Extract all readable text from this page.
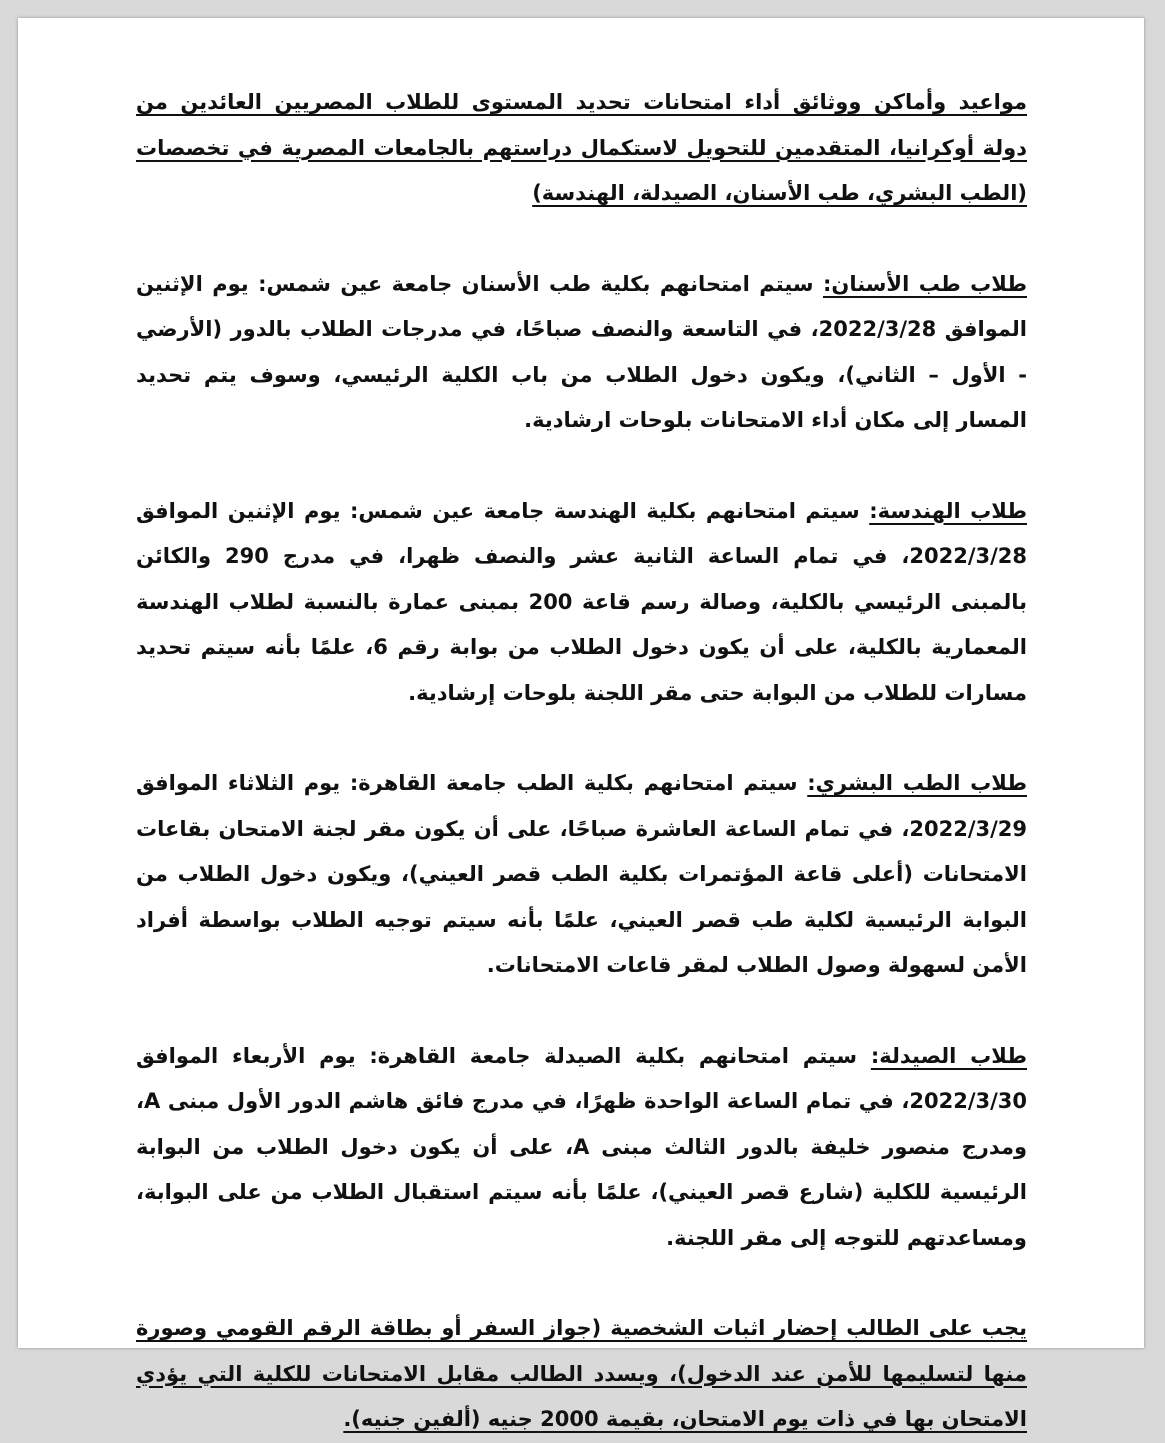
مواعيد وأماكن ووثائق أداء امتحانات تحديد المستوى للطلاب المصريين العائدين من دولة أوكرانيا، المتقدمين للتحويل لاستكمال دراستهم بالجامعات المصرية في تخصصات (الطب البشري، طب الأسنان، الصيدلة، الهندسة)

طلاب طب الأسنان: سيتم امتحانهم بكلية طب الأسنان جامعة عين شمس: يوم الإثنين الموافق 2022/3/28، في التاسعة والنصف صباحًا، في مدرجات الطلاب بالدور (الأرضي - الأول – الثاني)، ويكون دخول الطلاب من باب الكلية الرئيسي، وسوف يتم تحديد المسار إلى مكان أداء الامتحانات بلوحات ارشادية.

طلاب الهندسة: سيتم امتحانهم بكلية الهندسة جامعة عين شمس: يوم الإثنين الموافق 2022/3/28، في تمام الساعة الثانية عشر والنصف ظهرا، في مدرج 290 والكائن بالمبنى الرئيسي بالكلية، وصالة رسم قاعة 200 بمبنى عمارة بالنسبة لطلاب الهندسة المعمارية بالكلية، على أن يكون دخول الطلاب من بوابة رقم 6، علمًا بأنه سيتم تحديد مسارات للطلاب من البوابة حتى مقر اللجنة بلوحات إرشادية.

طلاب الطب البشري: سيتم امتحانهم بكلية الطب جامعة القاهرة: يوم الثلاثاء الموافق 2022/3/29، في تمام الساعة العاشرة صباحًا، على أن يكون مقر لجنة الامتحان بقاعات الامتحانات (أعلى قاعة المؤتمرات بكلية الطب قصر العيني)، ويكون دخول الطلاب من البوابة الرئيسية لكلية طب قصر العيني، علمًا بأنه سيتم توجيه الطلاب بواسطة أفراد الأمن لسهولة وصول الطلاب لمقر قاعات الامتحانات.

طلاب الصيدلة: سيتم امتحانهم بكلية الصيدلة جامعة القاهرة: يوم الأربعاء الموافق 2022/3/30، في تمام الساعة الواحدة ظهرًا، في مدرج فائق هاشم الدور الأول مبنى A، ومدرج منصور خليفة بالدور الثالث مبنى A، على أن يكون دخول الطلاب من البوابة الرئيسية للكلية (شارع قصر العيني)، علمًا بأنه سيتم استقبال الطلاب من على البوابة، ومساعدتهم للتوجه إلى مقر اللجنة.

يجب على الطالب إحضار اثبات الشخصية (جواز السفر أو بطاقة الرقم القومي وصورة منها لتسليمها للأمن عند الدخول)، ويسدد الطالب مقابل الامتحانات للكلية التي يؤدي الامتحان بها في ذات يوم الامتحان، بقيمة 2000 جنيه (ألفين جنيه).
